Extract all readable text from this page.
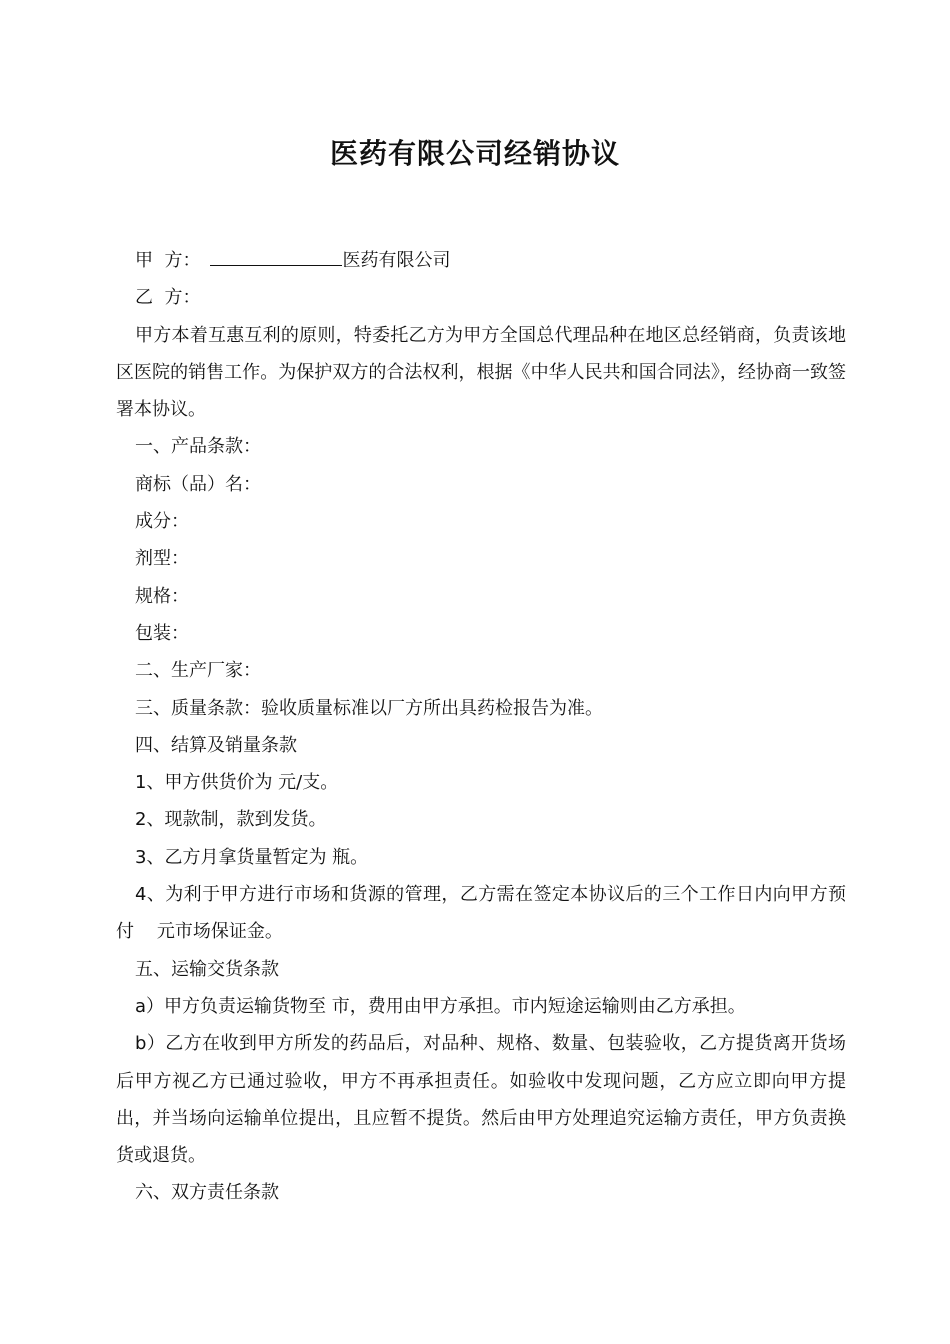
医药有限公司经销协议

甲  方：	医药有限公司

乙  方：

甲方本着互惠互利的原则，特委托乙方为甲方全国总代理品种在地区总经销商，负责该地区医院的销售工作。为保护双方的合法权利，根据《中华人民共和国合同法》，经协商一致签署本协议。

一、产品条款：

商标（品）名：

成分：

剂型：

规格：

包装：

二、生产厂家：

三、质量条款：验收质量标准以厂方所出具药检报告为准。

四、结算及销量条款

1、甲方供货价为 元/支。

2、现款制，款到发货。

3、乙方月拿货量暂定为 瓶。

4、为利于甲方进行市场和货源的管理，乙方需在签定本协议后的三个工作日内向甲方预付    元市场保证金。

五、运输交货条款

a）甲方负责运输货物至 市，费用由甲方承担。市内短途运输则由乙方承担。

b）乙方在收到甲方所发的药品后，对品种、规格、数量、包装验收，乙方提货离开货场后甲方视乙方已通过验收，甲方不再承担责任。如验收中发现问题，乙方应立即向甲方提出，并当场向运输单位提出，且应暂不提货。然后由甲方处理追究运输方责任，甲方负责换货或退货。

六、双方责任条款
